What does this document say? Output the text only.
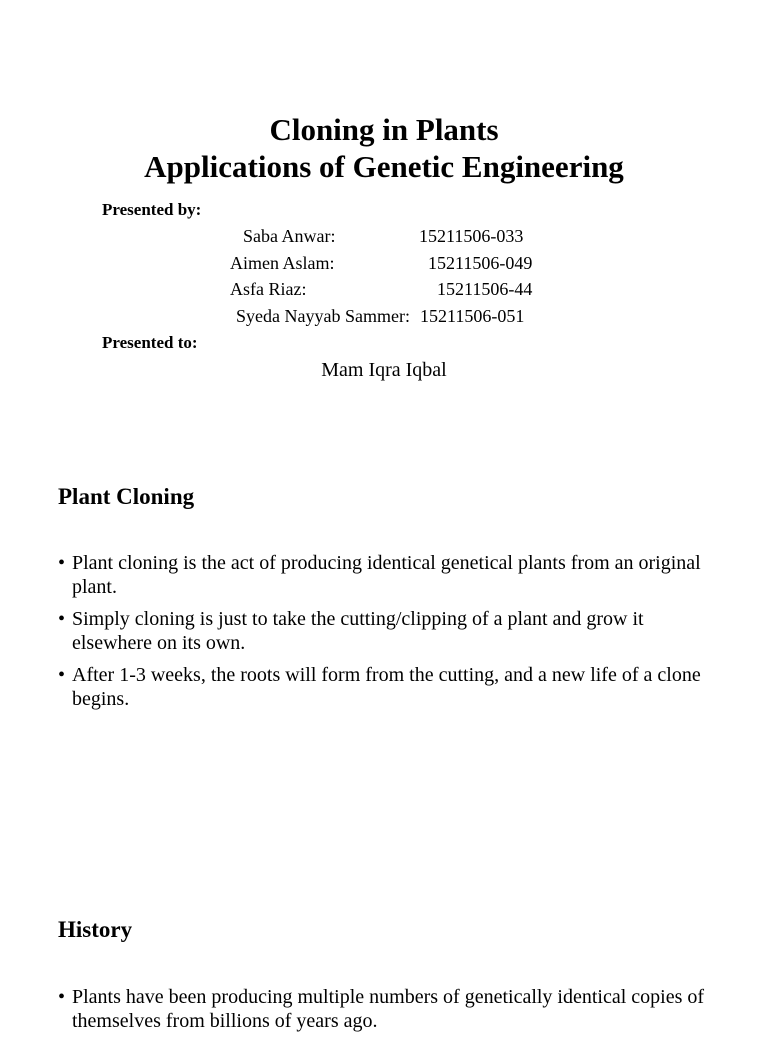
Cloning in Plants
Applications of Genetic Engineering
Presented by:
Saba Anwar:	15211506-033
Aimen Aslam:	15211506-049
Asfa Riaz:	15211506-44
Syeda Nayyab Sammer: 15211506-051
Presented to:
Mam Iqra Iqbal
Plant Cloning
• Plant cloning is the act of producing identical genetical plants from an original plant.
• Simply cloning is just to take the cutting/clipping of a plant and grow it elsewhere on its own.
• After 1-3 weeks, the roots will form from the cutting, and a new life of a clone begins.
History
• Plants have been producing multiple numbers of genetically identical copies of themselves from billions of years ago.
